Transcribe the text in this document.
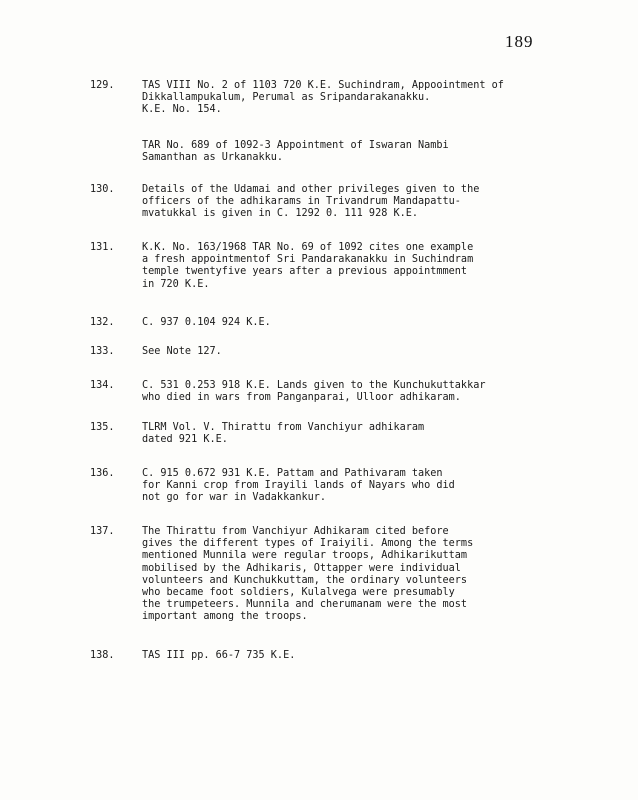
189
129.	TAS VIII No. 2 of 1103 720 K.E. Suchindram, Appoointment of Dikkallampukalum, Perumal as Sripandarakanakku.
K.E. No. 154.
TAR No. 689 of 1092-3 Appointment of Iswaran Nambi
Samanthan as Urkanakku.
130.	Details of the Udamai and other privileges given to the
officers of the adhikarams in Trivandrum Mandapattu-
mvatukkal is given in C. 1292 0. 111 928 K.E.
131.	K.K. No. 163/1968 TAR No. 69 of 1092 cites one example
a fresh appointmentof Sri Pandarakanakku in Suchindram
temple twentyfive years after a previous appointmment
in 720 K.E.
132.	C. 937 0.104 924 K.E.
133.	See Note 127.
134.	C. 531 0.253 918 K.E. Lands given to the Kunchukuttakkar
who died in wars from Panganparai, Ulloor adhikaram.
135.	TLRM Vol. V. Thirattu from Vanchiyur adhikaram
dated 921 K.E.
136.	C. 915 0.672 931 K.E. Pattam and Pathivaram taken
for Kanni crop from Irayili lands of Nayars who did
not go for war in Vadakkankur.
137.	The Thirattu from Vanchiyur Adhikaram cited before
gives the different types of Iraiyili. Among the terms
mentioned Munnila were regular troops, Adhikarikuttam
mobilised by the Adhikaris, Ottapper were individual
volunteers and Kunchukkuttam, the ordinary volunteers
who became foot soldiers, Kulalvega were presumably
the trumpeteers. Munnila and cherumanam were the most
important among the troops.
138.	TAS III pp. 66-7 735 K.E.
